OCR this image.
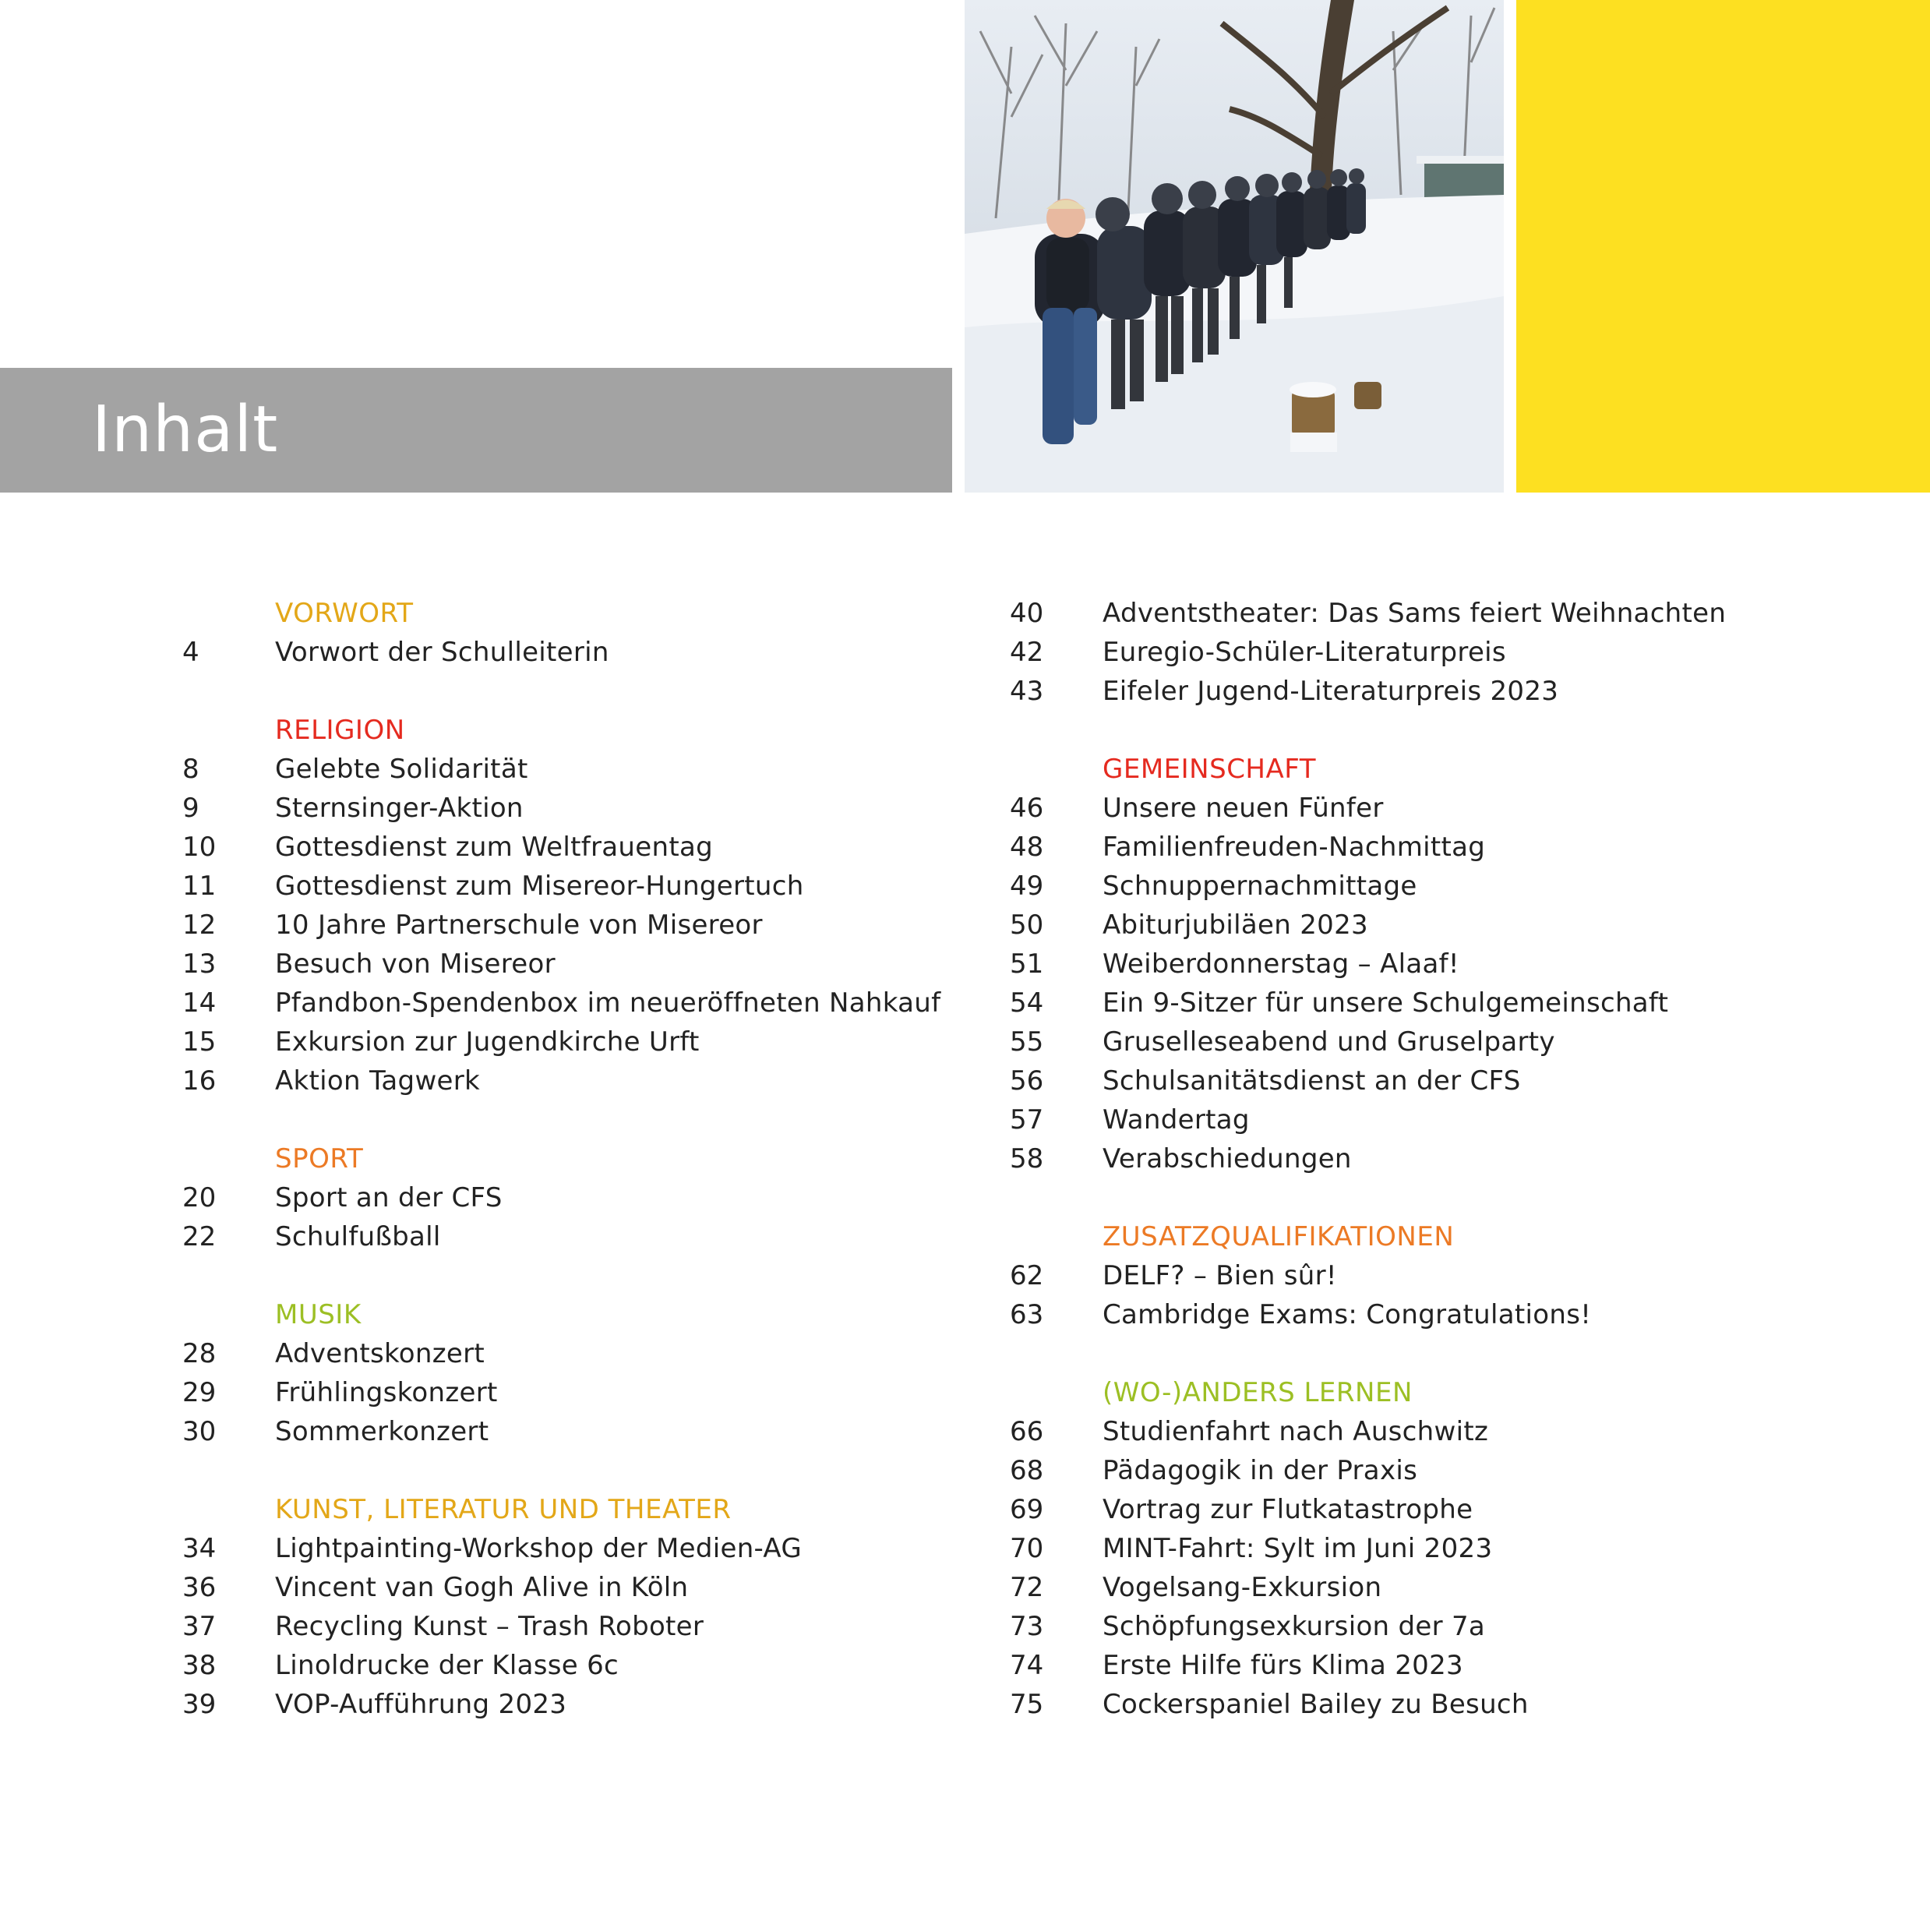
Inhalt
VORWORT
4	Vorwort der Schulleiterin
RELIGION
8	Gelebte Solidarität
9	Sternsinger-Aktion
10	Gottesdienst zum Weltfrauentag
11	Gottesdienst zum Misereor-Hungertuch
12	10 Jahre Partnerschule von Misereor
13	Besuch von Misereor
14	Pfandbon-Spendenbox im neueröffneten Nahkauf
15	Exkursion zur Jugendkirche Urft
16	Aktion Tagwerk
SPORT
20	Sport an der CFS
22	Schulfußball
MUSIK
28	Adventskonzert
29	Frühlingskonzert
30	Sommerkonzert
KUNST, LITERATUR UND THEATER
34	Lightpainting-Workshop der Medien-AG
36	Vincent van Gogh Alive in Köln
37	Recycling Kunst – Trash Roboter
38	Linoldrucke der Klasse 6c
39	VOP-Aufführung 2023
40	Adventstheater: Das Sams feiert Weihnachten
42	Euregio-Schüler-Literaturpreis
43	Eifeler Jugend-Literaturpreis 2023
GEMEINSCHAFT
46	Unsere neuen Fünfer
48	Familienfreuden-Nachmittag
49	Schnuppernachmittage
50	Abiturjubiläen 2023
51	Weiberdonnerstag – Alaaf!
54	Ein 9-Sitzer für unsere Schulgemeinschaft
55	Gruselleseabend und Gruselparty
56	Schulsanitätsdienst an der CFS
57	Wandertag
58	Verabschiedungen
ZUSATZQUALIFIKATIONEN
62	DELF? – Bien sûr!
63	Cambridge Exams: Congratulations!
(WO-)ANDERS LERNEN
66	Studienfahrt nach Auschwitz
68	Pädagogik in der Praxis
69	Vortrag zur Flutkatastrophe
70	MINT-Fahrt: Sylt im Juni 2023
72	Vogelsang-Exkursion
73	Schöpfungsexkursion der 7a
74	Erste Hilfe fürs Klima 2023
75	Cockerspaniel Bailey zu Besuch
